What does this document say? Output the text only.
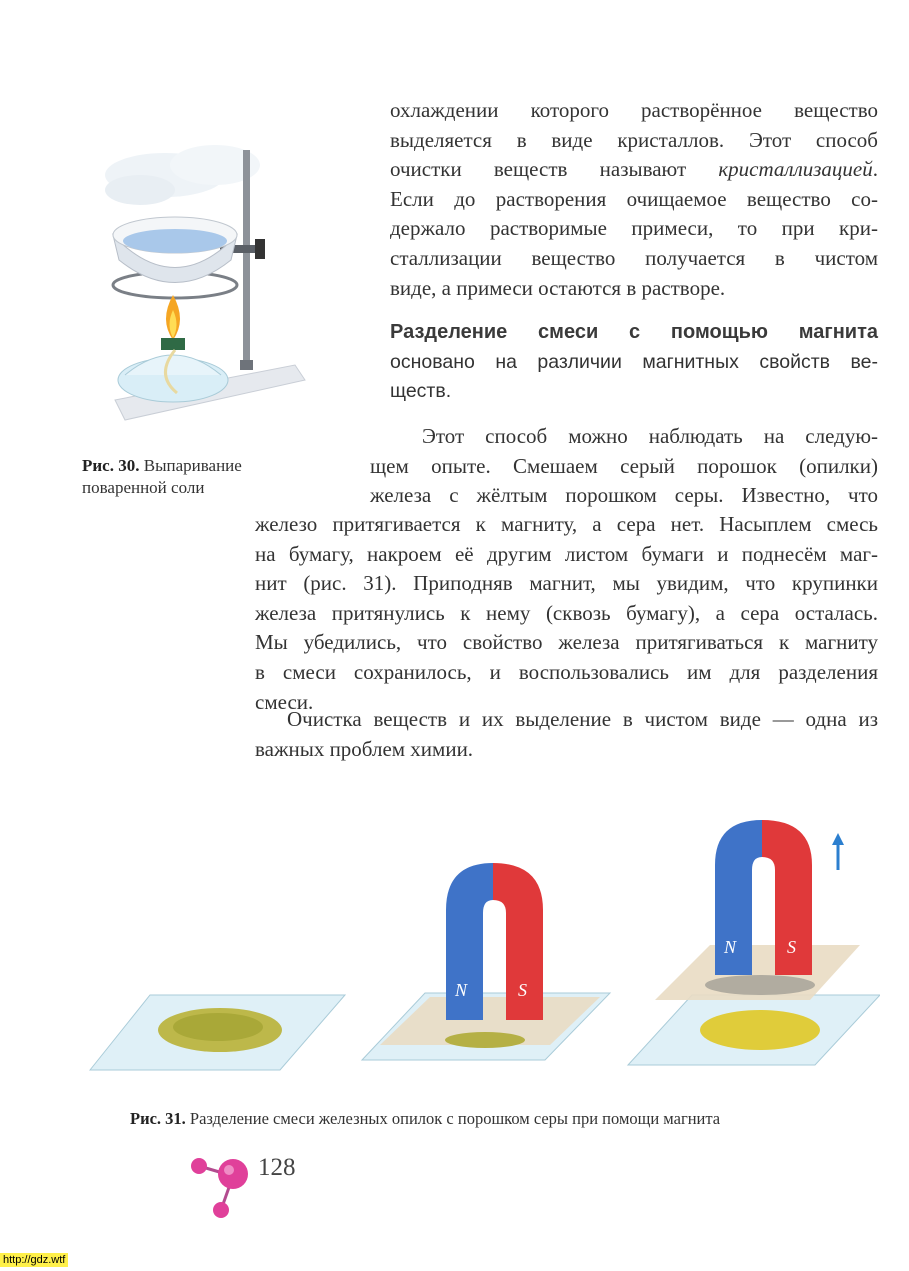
Рис. 30. Выпаривание
поваренной соли

охлаждении которого растворённое вещество

выделяется в виде кристаллов. Этот способ

очистки веществ называют кристаллизацией.

Если до растворения очищаемое вещество со-

держало растворимые примеси, то при кри-

сталлизации вещество получается в чистом

виде, а примеси остаются в растворе.

Разделение смеси с помощью магнита

основано на различии магнитных свойств ве-

ществ.

Этот способ можно наблюдать на следую-

щем опыте. Смешаем серый порошок (опилки)

железа с жёлтым порошком серы. Известно, что

железо притягивается к магниту, а сера нет. Насыплем смесь

на бумагу, накроем её другим листом бумаги и поднесём маг-

нит (рис. 31). Приподняв магнит, мы увидим, что крупинки

железа притянулись к нему (сквозь бумагу), а сера осталась.

Мы убедились, что свойство железа притягиваться к магниту

в смеси сохранилось, и воспользовались им для разделения

смеси.

Очистка веществ и их выделение в чистом виде — одна из

важных проблем химии.

N	S
N	S
Рис. 31. Разделение смеси железных опилок с порошком серы при помощи магнита
128
http://gdz.wtf
